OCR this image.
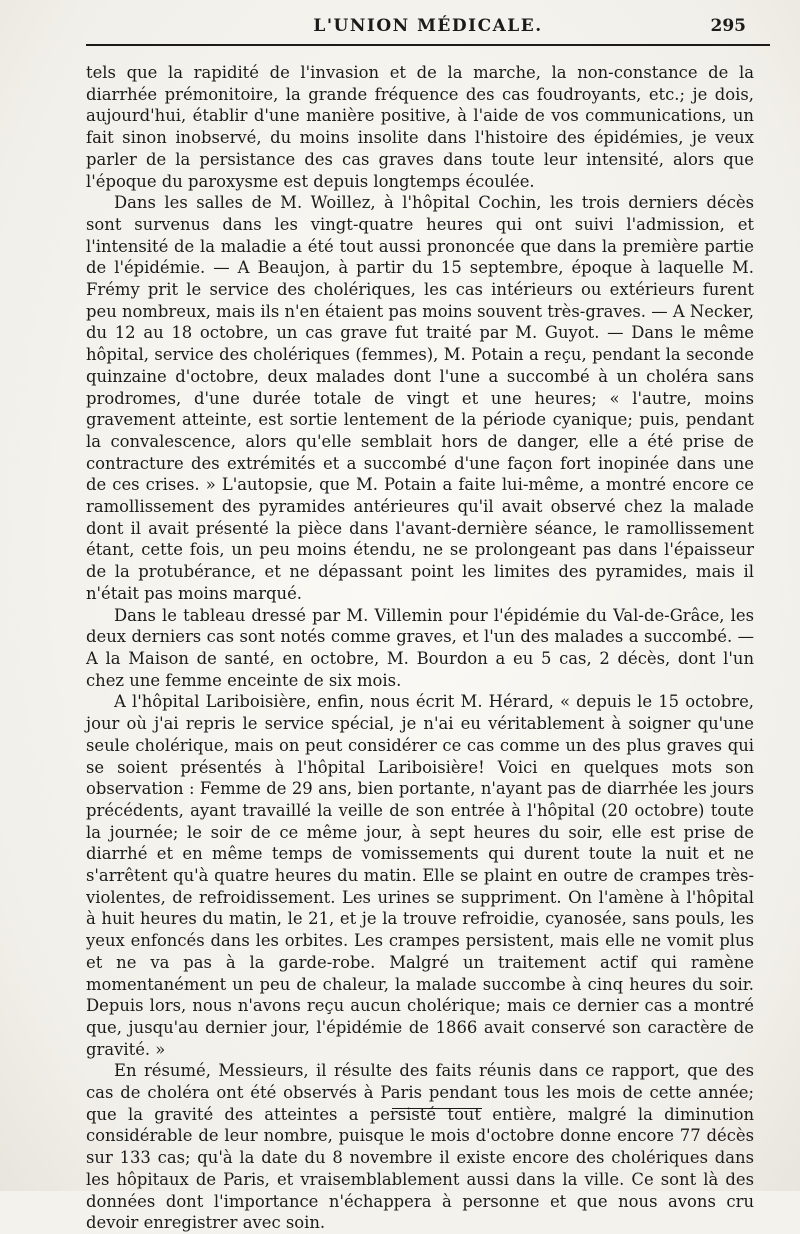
L'UNION MÉDICALE.	295

tels que la rapidité de l'invasion et de la marche, la non-constance de la diarrhée prémonitoire, la grande fréquence des cas foudroyants, etc.; je dois, aujourd'hui, établir d'une manière positive, à l'aide de vos communications, un fait sinon inobservé, du moins insolite dans l'histoire des épidémies, je veux parler de la persistance des cas graves dans toute leur intensité, alors que l'époque du paroxysme est depuis longtemps écoulée.

Dans les salles de M. Woillez, à l'hôpital Cochin, les trois derniers décès sont survenus dans les vingt-quatre heures qui ont suivi l'admission, et l'intensité de la maladie a été tout aussi prononcée que dans la première partie de l'épidémie. — A Beaujon, à partir du 15 septembre, époque à laquelle M. Frémy prit le service des cholériques, les cas intérieurs ou extérieurs furent peu nombreux, mais ils n'en étaient pas moins souvent très-graves. — A Necker, du 12 au 18 octobre, un cas grave fut traité par M. Guyot. — Dans le même hôpital, service des cholériques (femmes), M. Potain a reçu, pendant la seconde quinzaine d'octobre, deux malades dont l'une a succombé à un choléra sans prodromes, d'une durée totale de vingt et une heures; « l'autre, moins gravement atteinte, est sortie lentement de la période cyanique; puis, pendant la convalescence, alors qu'elle semblait hors de danger, elle a été prise de contracture des extrémités et a succombé d'une façon fort inopinée dans une de ces crises. » L'autopsie, que M. Potain a faite lui-même, a montré encore ce ramollissement des pyramides antérieures qu'il avait observé chez la malade dont il avait présenté la pièce dans l'avant-dernière séance, le ramollissement étant, cette fois, un peu moins étendu, ne se prolongeant pas dans l'épaisseur de la protubérance, et ne dépassant point les limites des pyramides, mais il n'était pas moins marqué.

Dans le tableau dressé par M. Villemin pour l'épidémie du Val-de-Grâce, les deux derniers cas sont notés comme graves, et l'un des malades a succombé. — A la Maison de santé, en octobre, M. Bourdon a eu 5 cas, 2 décès, dont l'un chez une femme enceinte de six mois.

A l'hôpital Lariboisière, enfin, nous écrit M. Hérard, « depuis le 15 octobre, jour où j'ai repris le service spécial, je n'ai eu véritablement à soigner qu'une seule cholérique, mais on peut considérer ce cas comme un des plus graves qui se soient présentés à l'hôpital Lariboisière! Voici en quelques mots son observation : Femme de 29 ans, bien portante, n'ayant pas de diarrhée les jours précédents, ayant travaillé la veille de son entrée à l'hôpital (20 octobre) toute la journée; le soir de ce même jour, à sept heures du soir, elle est prise de diarrhé et en même temps de vomissements qui durent toute la nuit et ne s'arrêtent qu'à quatre heures du matin. Elle se plaint en outre de crampes très-violentes, de refroidissement. Les urines se suppriment. On l'amène à l'hôpital à huit heures du matin, le 21, et je la trouve refroidie, cyanosée, sans pouls, les yeux enfoncés dans les orbites. Les crampes persistent, mais elle ne vomit plus et ne va pas à la garde-robe. Malgré un traitement actif qui ramène momentanément un peu de chaleur, la malade succombe à cinq heures du soir. Depuis lors, nous n'avons reçu aucun cholérique; mais ce dernier cas a montré que, jusqu'au dernier jour, l'épidémie de 1866 avait conservé son caractère de gravité. »

En résumé, Messieurs, il résulte des faits réunis dans ce rapport, que des cas de choléra ont été observés à Paris pendant tous les mois de cette année; que la gravité des atteintes a persisté tout entière, malgré la diminution considérable de leur nombre, puisque le mois d'octobre donne encore 77 décès sur 133 cas; qu'à la date du 8 novembre il existe encore des cholériques dans les hôpitaux de Paris, et vraisemblablement aussi dans la ville. Ce sont là des données dont l'importance n'échappera à personne et que nous avons cru devoir enregistrer avec soin.
